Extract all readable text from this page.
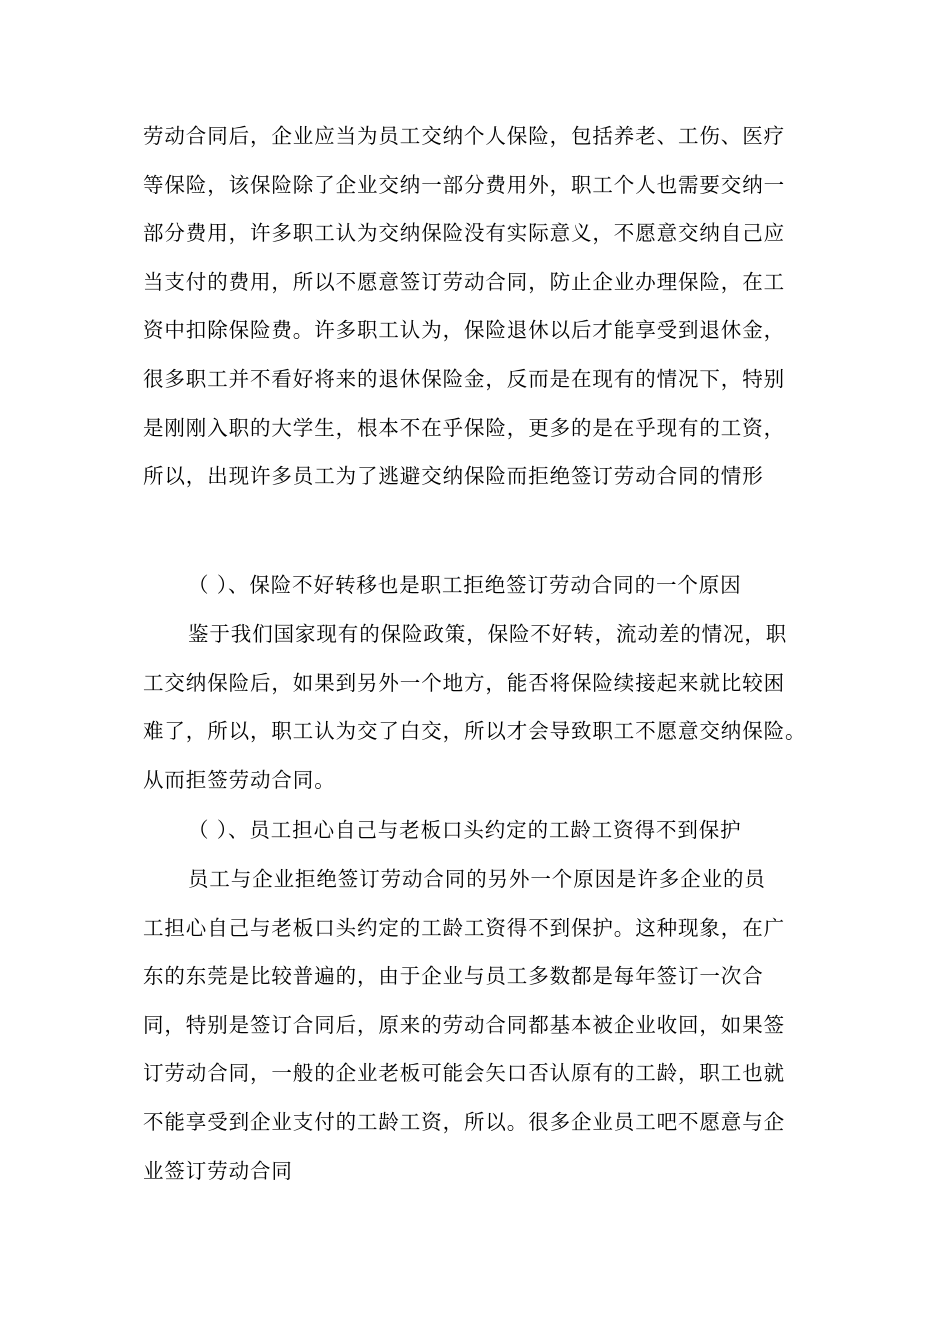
劳动合同后，企业应当为员工交纳个人保险，包括养老、工伤、医疗
等保险，该保险除了企业交纳一部分费用外，职工个人也需要交纳一
部分费用，许多职工认为交纳保险没有实际意义，不愿意交纳自己应
当支付的费用，所以不愿意签订劳动合同，防止企业办理保险，在工
资中扣除保险费。许多职工认为，保险退休以后才能享受到退休金，
很多职工并不看好将来的退休保险金，反而是在现有的情况下，特别
是刚刚入职的大学生，根本不在乎保险，更多的是在乎现有的工资，
所以，出现许多员工为了逃避交纳保险而拒绝签订劳动合同的情形
（ ）、保险不好转移也是职工拒绝签订劳动合同的一个原因
鉴于我们国家现有的保险政策，保险不好转，流动差的情况，职
工交纳保险后，如果到另外一个地方，能否将保险续接起来就比较困
难了，所以，职工认为交了白交，所以才会导致职工不愿意交纳保险。
从而拒签劳动合同。
（ ）、员工担心自己与老板口头约定的工龄工资得不到保护
员工与企业拒绝签订劳动合同的另外一个原因是许多企业的员
工担心自己与老板口头约定的工龄工资得不到保护。这种现象，在广
东的东莞是比较普遍的，由于企业与员工多数都是每年签订一次合
同，特别是签订合同后，原来的劳动合同都基本被企业收回，如果签
订劳动合同，一般的企业老板可能会矢口否认原有的工龄，职工也就
不能享受到企业支付的工龄工资，所以。很多企业员工吧不愿意与企
业签订劳动合同
